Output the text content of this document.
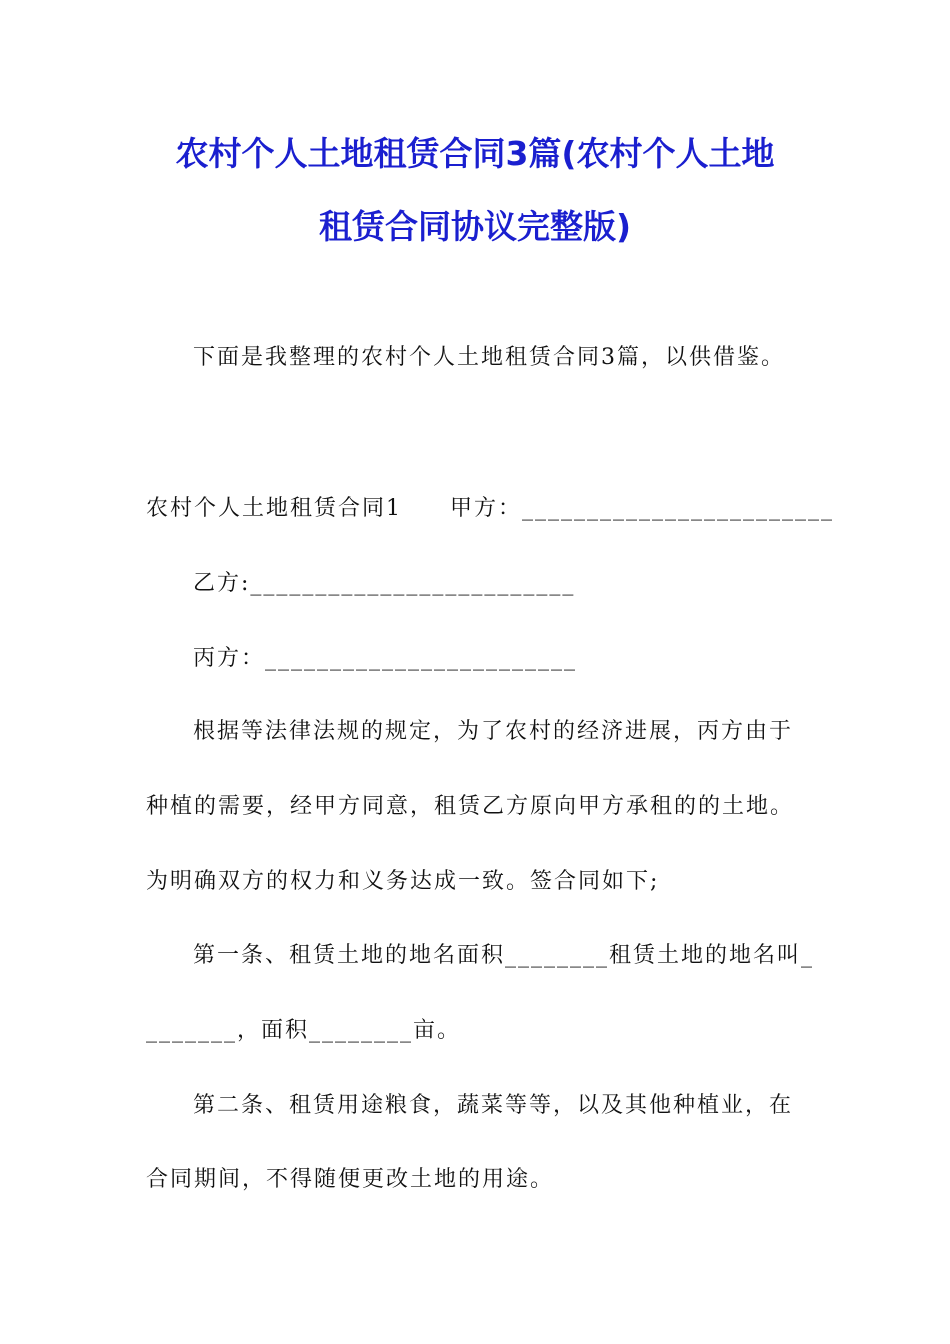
农村个人土地租赁合同3篇(农村个人土地
租赁合同协议完整版)
下面是我整理的农村个人土地租赁合同3篇，以供借鉴。
农村个人土地租赁合同1　　甲方：________________________
乙方:_________________________
丙方：________________________
根据等法律法规的规定，为了农村的经济进展，丙方由于
种植的需要，经甲方同意，租赁乙方原向甲方承租的的土地。
为明确双方的权力和义务达成一致。签合同如下;
第一条、租赁土地的地名面积________租赁土地的地名叫_
_______，面积________亩。
第二条、租赁用途粮食，蔬菜等等，以及其他种植业，在
合同期间，不得随便更改土地的用途。
